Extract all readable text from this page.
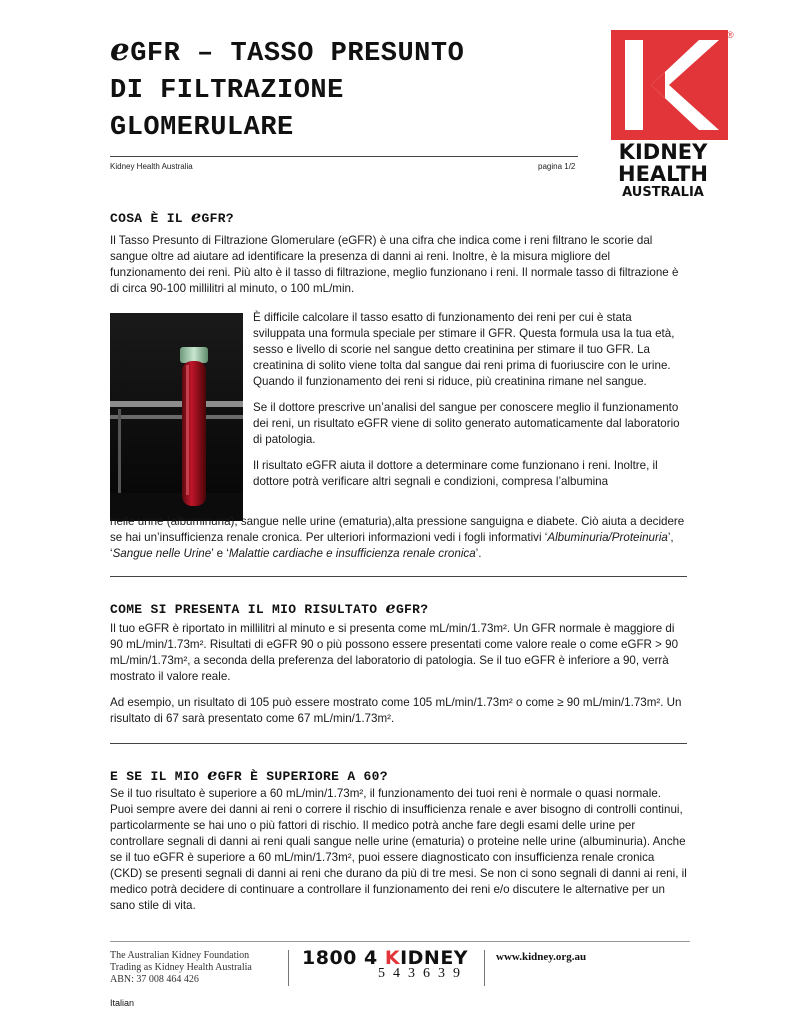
eGFR – TASSO PRESUNTO
DI FILTRAZIONE
GLOMERULARE
®
KIDNEY
HEALTH
AUSTRALIA
Kidney Health Australia	pagina 1/2
COSA È IL eGFR?

Il Tasso Presunto di Filtrazione Glomerulare (eGFR) è una cifra che indica come i reni filtrano le scorie dal sangue oltre ad aiutare ad identificare la presenza di danni ai reni. Inoltre, è la misura migliore del funzionamento dei reni. Più alto è il tasso di filtrazione, meglio funzionano i reni. Il normale tasso di filtrazione è di circa 90-100 millilitri al minuto, o 100 mL/min.

È difficile calcolare il tasso esatto di funzionamento dei reni per cui è stata sviluppata una formula speciale per stimare il GFR. Questa formula usa la tua età, sesso e livello di scorie nel sangue detto creatinina per stimare il tuo GFR. La creatinina di solito viene tolta dal sangue dai reni prima di fuoriuscire con le urine. Quando il funzionamento dei reni si riduce, più creatinina rimane nel sangue.

Se il dottore prescrive un’analisi del sangue per conoscere meglio il funzionamento dei reni, un risultato eGFR viene di solito generato automaticamente dal laboratorio di patologia.

Il risultato eGFR aiuta il dottore a determinare come funzionano i reni. Inoltre, il dottore potrà verificare altri segnali e condizioni, compresa l’albumina

nelle urine (albuminuria), sangue nelle urine (ematuria),alta pressione sanguigna e diabete. Ciò aiuta a decidere se hai un’insufficienza renale cronica. Per ulteriori informazioni vedi i fogli informativi ‘Albuminuria/Proteinuria’, ‘Sangue nelle Urine’ e ‘Malattie cardiache e insufficienza renale cronica’.
COME SI PRESENTA IL MIO RISULTATO eGFR?

Il tuo eGFR è riportato in millilitri al minuto e si presenta come mL/min/1.73m². Un GFR normale è maggiore di 90 mL/min/1.73m². Risultati di eGFR 90 o più possono essere presentati come valore reale o come eGFR > 90 mL/min/1.73m², a seconda della preferenza del laboratorio di patologia. Se il tuo eGFR è inferiore a 90, verrà mostrato il valore reale.

Ad esempio, un risultato di 105 può essere mostrato come 105 mL/min/1.73m² o come ≥ 90 mL/min/1.73m². Un risultato di 67 sarà presentato come 67 mL/min/1.73m².

E SE IL MIO eGFR È SUPERIORE A 60?

Se il tuo risultato è superiore a 60 mL/min/1.73m², il funzionamento dei tuoi reni è normale o quasi normale. Puoi sempre avere dei danni ai reni o correre il rischio di insufficienza renale e aver bisogno di controlli continui, particolarmente se hai uno o più fattori di rischio. Il medico potrà anche fare degli esami delle urine per controllare segnali di danni ai reni quali sangue nelle urine (ematuria) o proteine nelle urine (albuminuria). Anche se il tuo eGFR è superiore a 60 mL/min/1.73m², puoi essere diagnosticato con insufficienza renale cronica (CKD) se presenti segnali di danni ai reni che durano da più di tre mesi. Se non ci sono segnali di danni ai reni, il medico potrà decidere di continuare a controllare il funzionamento dei reni e/o discutere le alternative per un sano stile di vita.

The Australian Kidney Foundation
Trading as Kidney Health Australia
ABN: 37 008 464 426
1800 4 KIDNEY
543639
www.kidney.org.au
Italian
